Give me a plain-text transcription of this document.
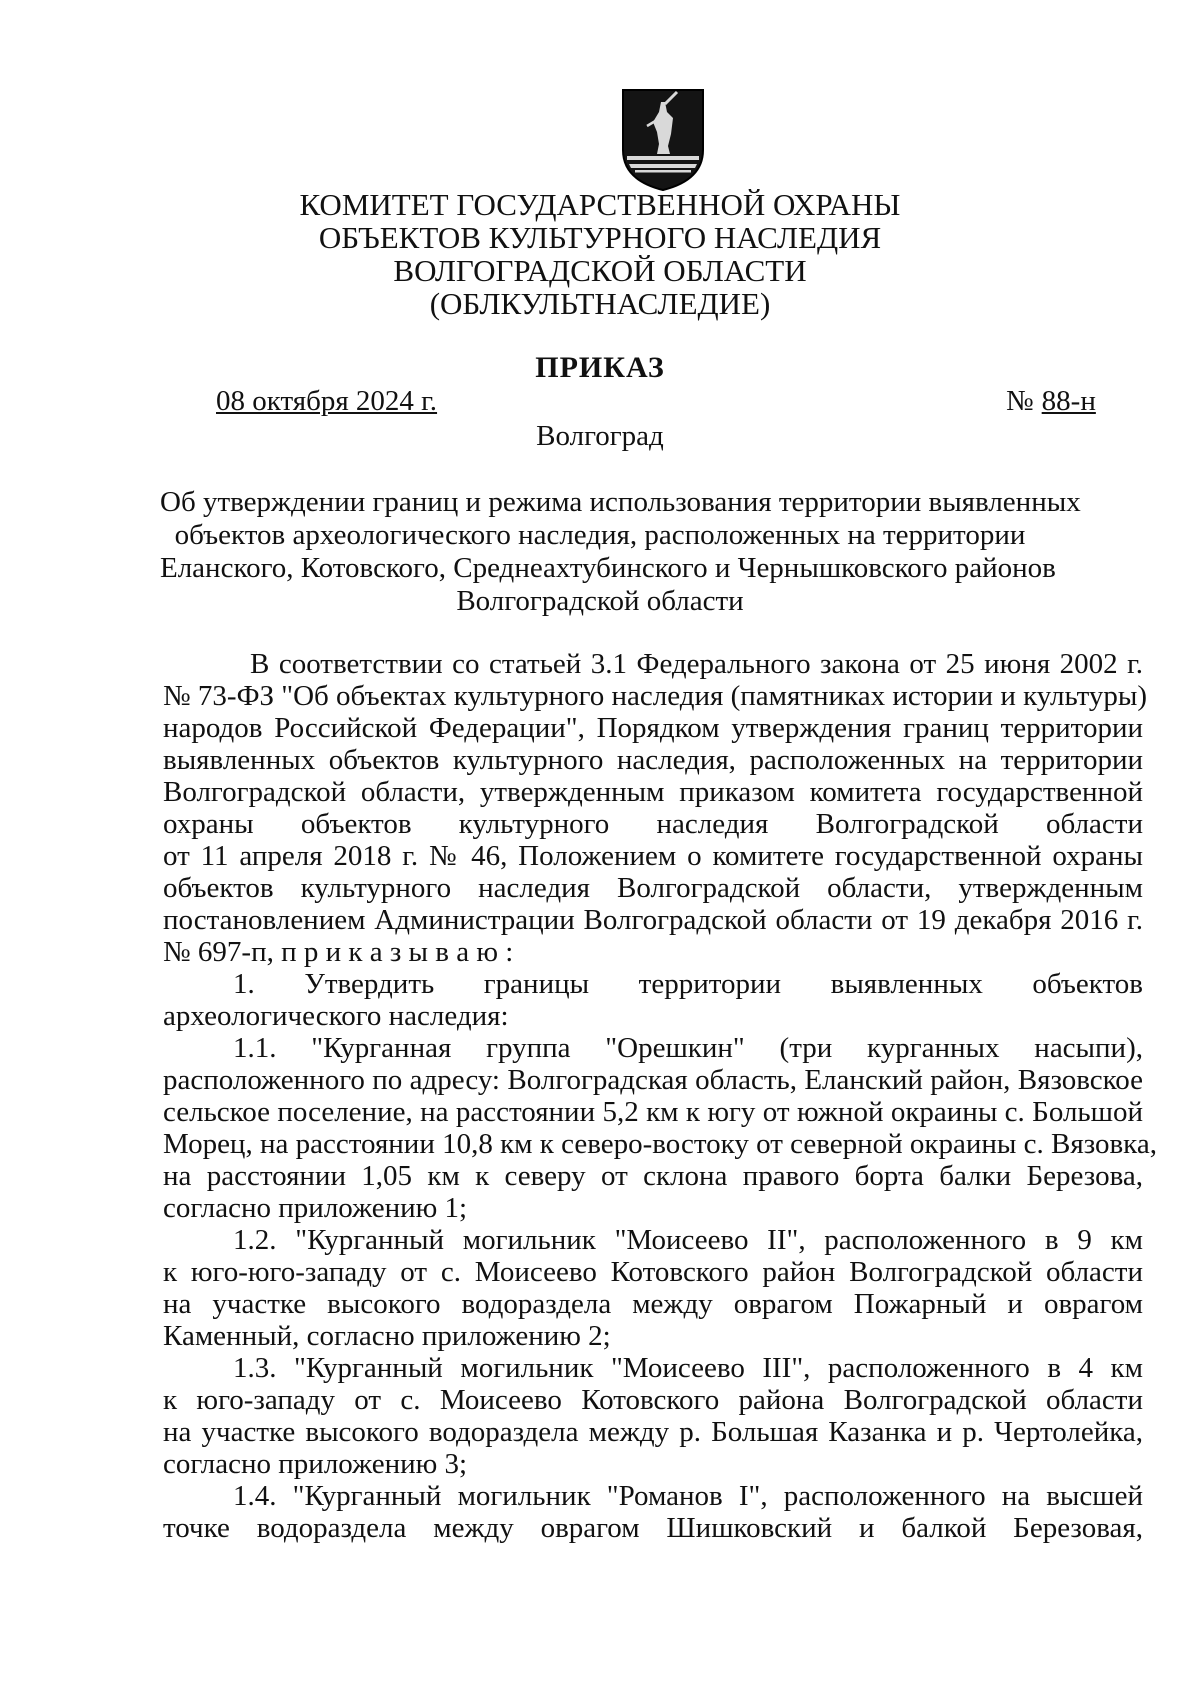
КОМИТЕТ ГОСУДАРСТВЕННОЙ ОХРАНЫ
ОБЪЕКТОВ КУЛЬТУРНОГО НАСЛЕДИЯ
ВОЛГОГРАДСКОЙ ОБЛАСТИ
(ОБЛКУЛЬТНАСЛЕДИЕ)
ПРИКАЗ
08 октября 2024 г.	№ 88-н
Волгоград
Об утверждении границ и режима использования территории выявленных
объектов археологического наследия, расположенных на территории
Еланского, Котовского, Среднеахтубинского и Чернышковского районов
Волгоградской области
В соответствии со статьей 3.1 Федерального закона от 25 июня 2002 г.
№ 73-ФЗ "Об объектах культурного наследия (памятниках истории и культуры)
народов Российской Федерации", Порядком утверждения границ территории
выявленных объектов культурного наследия, расположенных на территории
Волгоградской области, утвержденным приказом комитета государственной
охраны объектов культурного наследия Волгоградской области
от 11 апреля 2018 г. № 46, Положением о комитете государственной охраны
объектов культурного наследия Волгоградской области, утвержденным
постановлением Администрации Волгоградской области от 19 декабря 2016 г.
№ 697-п, п р и к а з ы в а ю :
1. Утвердить границы территории выявленных объектов
археологического наследия:
1.1. "Курганная группа "Орешкин" (три курганных насыпи),
расположенного по адресу: Волгоградская область, Еланский район, Вязовское
сельское поселение, на расстоянии 5,2 км к югу от южной окраины с. Большой
Морец, на расстоянии 10,8 км к северо-востоку от северной окраины с. Вязовка,
на расстоянии 1,05 км к северу от склона правого борта балки Березова,
согласно приложению 1;
1.2. "Курганный могильник "Моисеево II", расположенного в 9 км
к юго-юго-западу от с. Моисеево Котовского район Волгоградской области
на участке высокого водораздела между оврагом Пожарный и оврагом
Каменный, согласно приложению 2;
1.3. "Курганный могильник "Моисеево III", расположенного в 4 км
к юго-западу от с. Моисеево Котовского района Волгоградской области
на участке высокого водораздела между р. Большая Казанка и р. Чертолейка,
согласно приложению 3;
1.4. "Курганный могильник "Романов I", расположенного на высшей
точке водораздела между оврагом Шишковский и балкой Березовая,
